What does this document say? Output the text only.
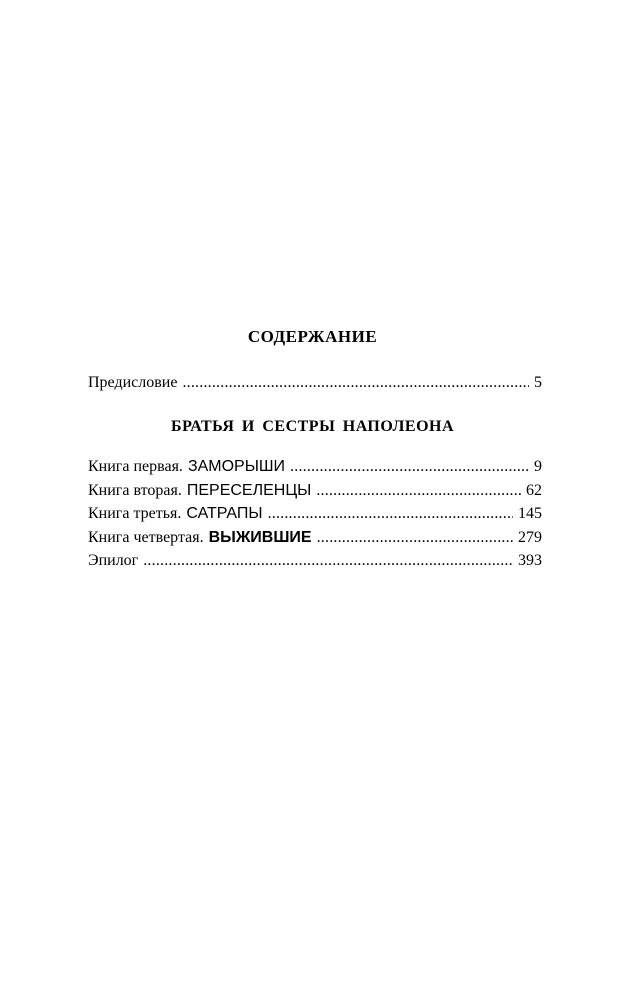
СОДЕРЖАНИЕ
Предисловие .....	5
БРАТЬЯ И СЕСТРЫ НАПОЛЕОНА
Книга первая. ЗАМОРЫШИ .....	9
Книга вторая. ПЕРЕСЕЛЕНЦЫ .....	62
Книга третья. САТРАПЫ .....	145
Книга четвертая. ВЫЖИВШИЕ .....	279
Эпилог .....	393
